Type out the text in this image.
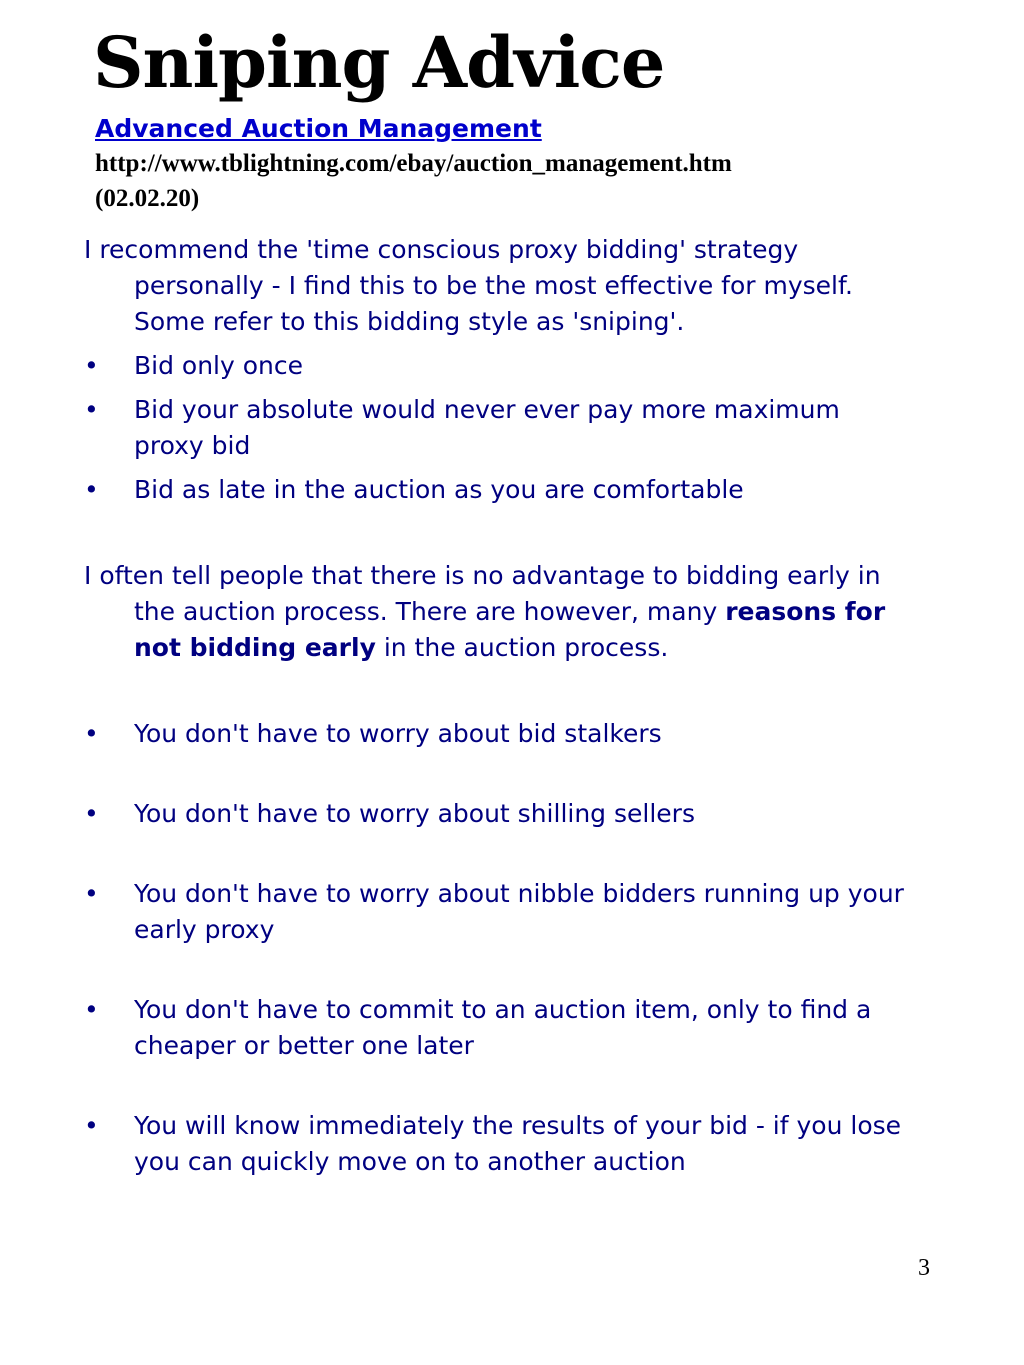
Sniping Advice
Advanced Auction Management
http://www.tblightning.com/ebay/auction_management.htm
(02.02.20)

I recommend the 'time conscious proxy bidding' strategy personally - I find this to be the most effective for myself. Some refer to this bidding style as 'sniping'.

• Bid only once
• Bid your absolute would never ever pay more maximum proxy bid
• Bid as late in the auction as you are comfortable

I often tell people that there is no advantage to bidding early in the auction process. There are however, many reasons for not bidding early in the auction process.

• You don't have to worry about bid stalkers
• You don't have to worry about shilling sellers
• You don't have to worry about nibble bidders running up your early proxy
• You don't have to commit to an auction item, only to find a cheaper or better one later
• You will know immediately the results of your bid - if you lose you can quickly move on to another auction
3
